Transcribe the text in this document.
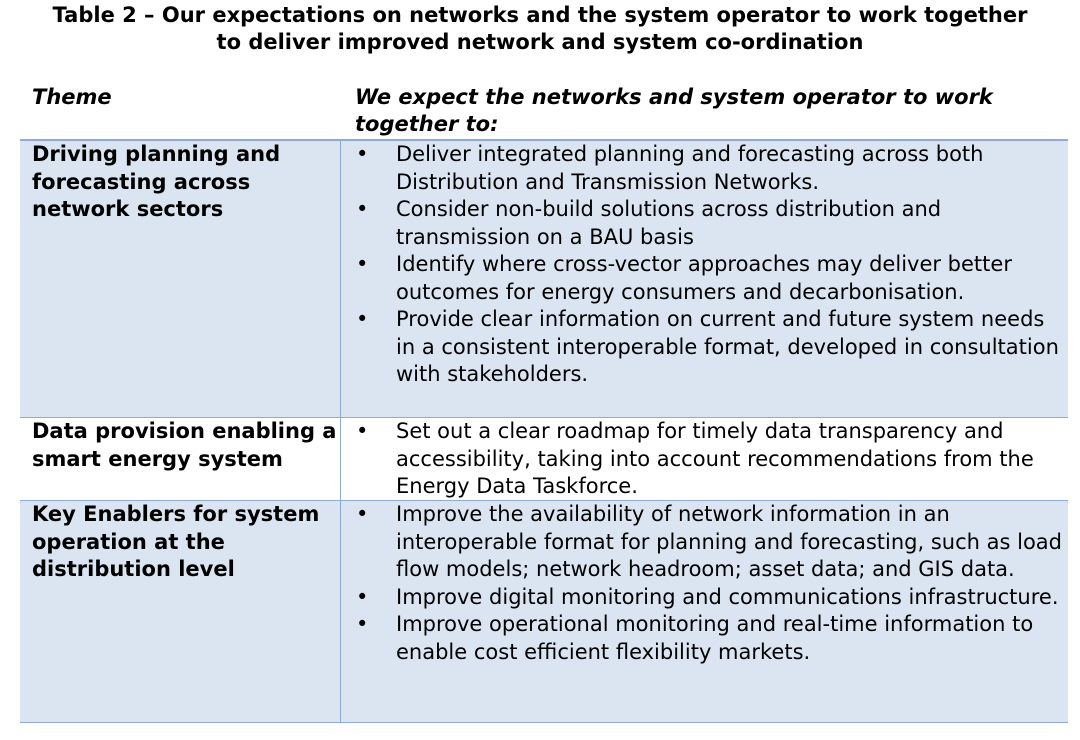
Table 2 – Our expectations on networks and the system operator to work together
to deliver improved network and system co-ordination
Theme	We expect the networks and system operator to work together to:
Driving planning and forecasting across network sectors
• Deliver integrated planning and forecasting across both Distribution and Transmission Networks.
• Consider non-build solutions across distribution and transmission on a BAU basis
• Identify where cross-vector approaches may deliver better outcomes for energy consumers and decarbonisation.
• Provide clear information on current and future system needs in a consistent interoperable format, developed in consultation with stakeholders.
Data provision enabling a smart energy system
• Set out a clear roadmap for timely data transparency and accessibility, taking into account recommendations from the Energy Data Taskforce.
Key Enablers for system operation at the distribution level
• Improve the availability of network information in an interoperable format for planning and forecasting, such as load flow models; network headroom; asset data; and GIS data.
• Improve digital monitoring and communications infrastructure.
• Improve operational monitoring and real-time information to enable cost efficient flexibility markets.
